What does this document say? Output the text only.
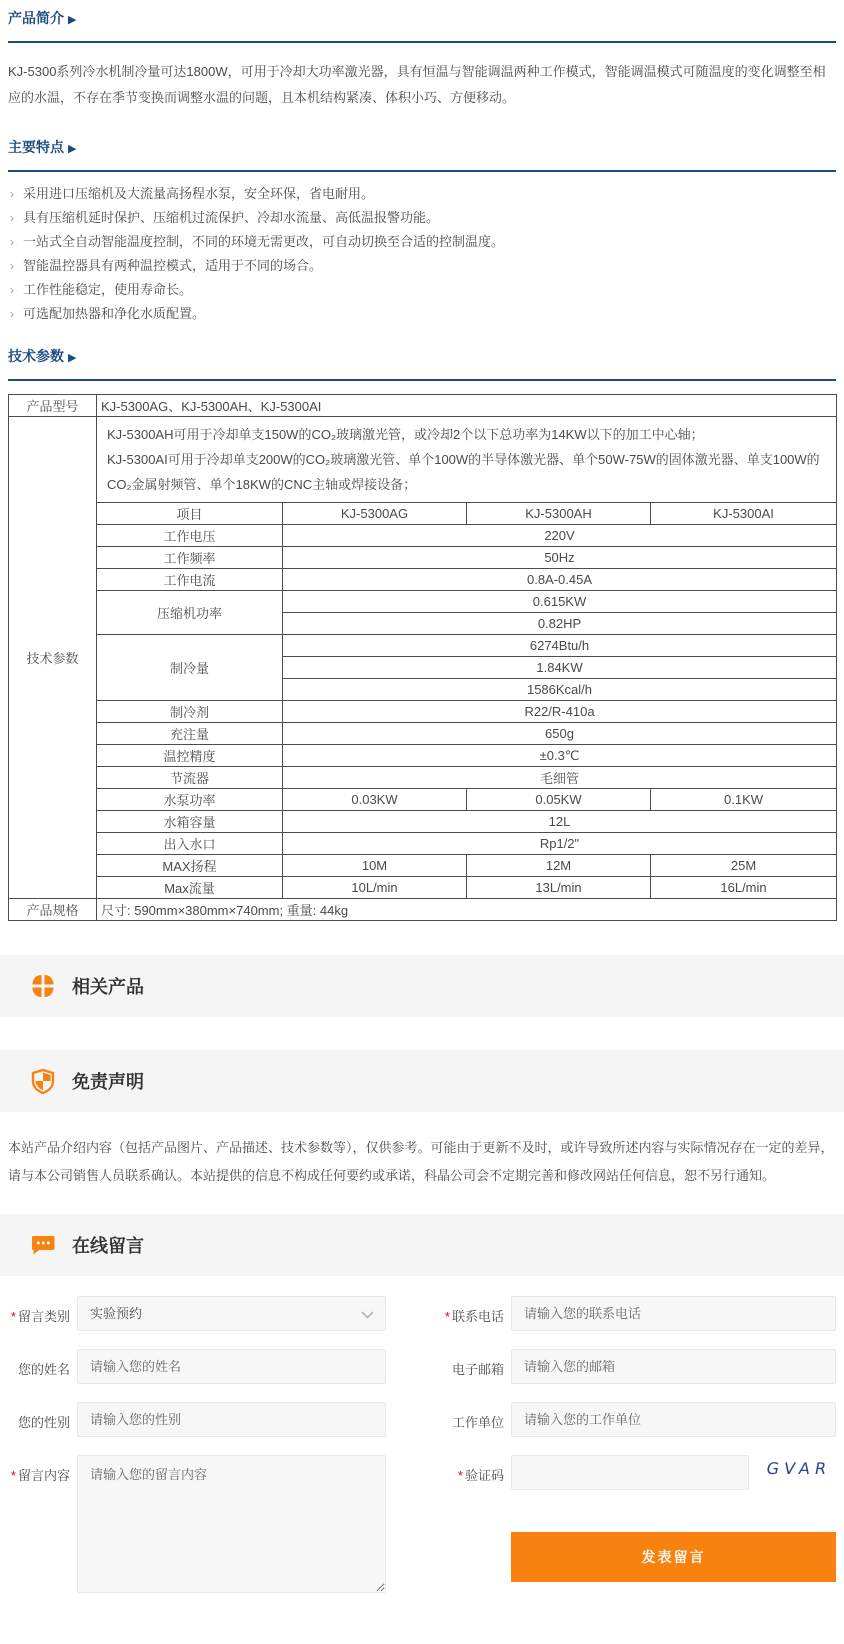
产品简介 ▶

KJ-5300系列冷水机制冷量可达1800W，可用于冷却大功率激光器，具有恒温与智能调温两种工作模式，智能调温模式可随温度的变化调整至相应的水温，不存在季节变换而调整水温的问题，且本机结构紧凑、体积小巧、方便移动。

主要特点 ▶
› 采用进口压缩机及大流量高扬程水泵，安全环保，省电耐用。
› 具有压缩机延时保护、压缩机过流保护、冷却水流量、高低温报警功能。
› 一站式全自动智能温度控制，不同的环境无需更改，可自动切换至合适的控制温度。
› 智能温控器具有两种温控模式，适用于不同的场合。
› 工作性能稳定，使用寿命长。
› 可选配加热器和净化水质配置。
技术参数 ▶
产品型号	KJ-5300AG、KJ-5300AH、KJ-5300AI			
技术参数	KJ-5300AH可用于冷却单支150W的CO₂玻璃激光管，或冷却2个以下总功率为14KW以下的加工中心轴；
KJ-5300AI可用于冷却单支200W的CO₂玻璃激光管、单个100W的半导体激光器、单个50W-75W的固体激光器、单支100W的CO₂金属射频管、单个18KW的CNC主轴或焊接设备；			

	项目	KJ-5300AG	KJ-5300AH	KJ-5300AI
	工作电压	220V		
	工作频率	50Hz		
	工作电流	0.8A-0.45A		
	压缩机功率	0.615KW		
		0.82HP		
	制冷量	6274Btu/h		
		1.84KW		
		1586Kcal/h		
	制冷剂	R22/R-410a		
	充注量	650g		
	温控精度	±0.3℃		
	节流器	毛细管		
	水泵功率	0.03KW	0.05KW	0.1KW
	水箱容量	12L		
	出入水口	Rp1/2"		
	MAX扬程	10M	12M	25M
	Max流量	10L/min	13L/min	16L/min
产品规格	尺寸: 590mm×380mm×740mm; 重量: 44kg			
相关产品
免责声明

本站产品介绍内容（包括产品图片、产品描述、技术参数等），仅供参考。可能由于更新不及时，或许导致所述内容与实际情况存在一定的差异，请与本公司销售人员联系确认。本站提供的信息不构成任何要约或承诺，科晶公司会不定期完善和修改网站任何信息，恕不另行通知。

在线留言
* 留言类别
实验预约
您的姓名
请输入您的姓名
您的性别
请输入您的性别
* 留言内容
请输入您的留言内容
* 联系电话
请输入您的联系电话
电子邮箱
请输入您的邮箱
工作单位
请输入您的工作单位
* 验证码	GVAR
发表留言
